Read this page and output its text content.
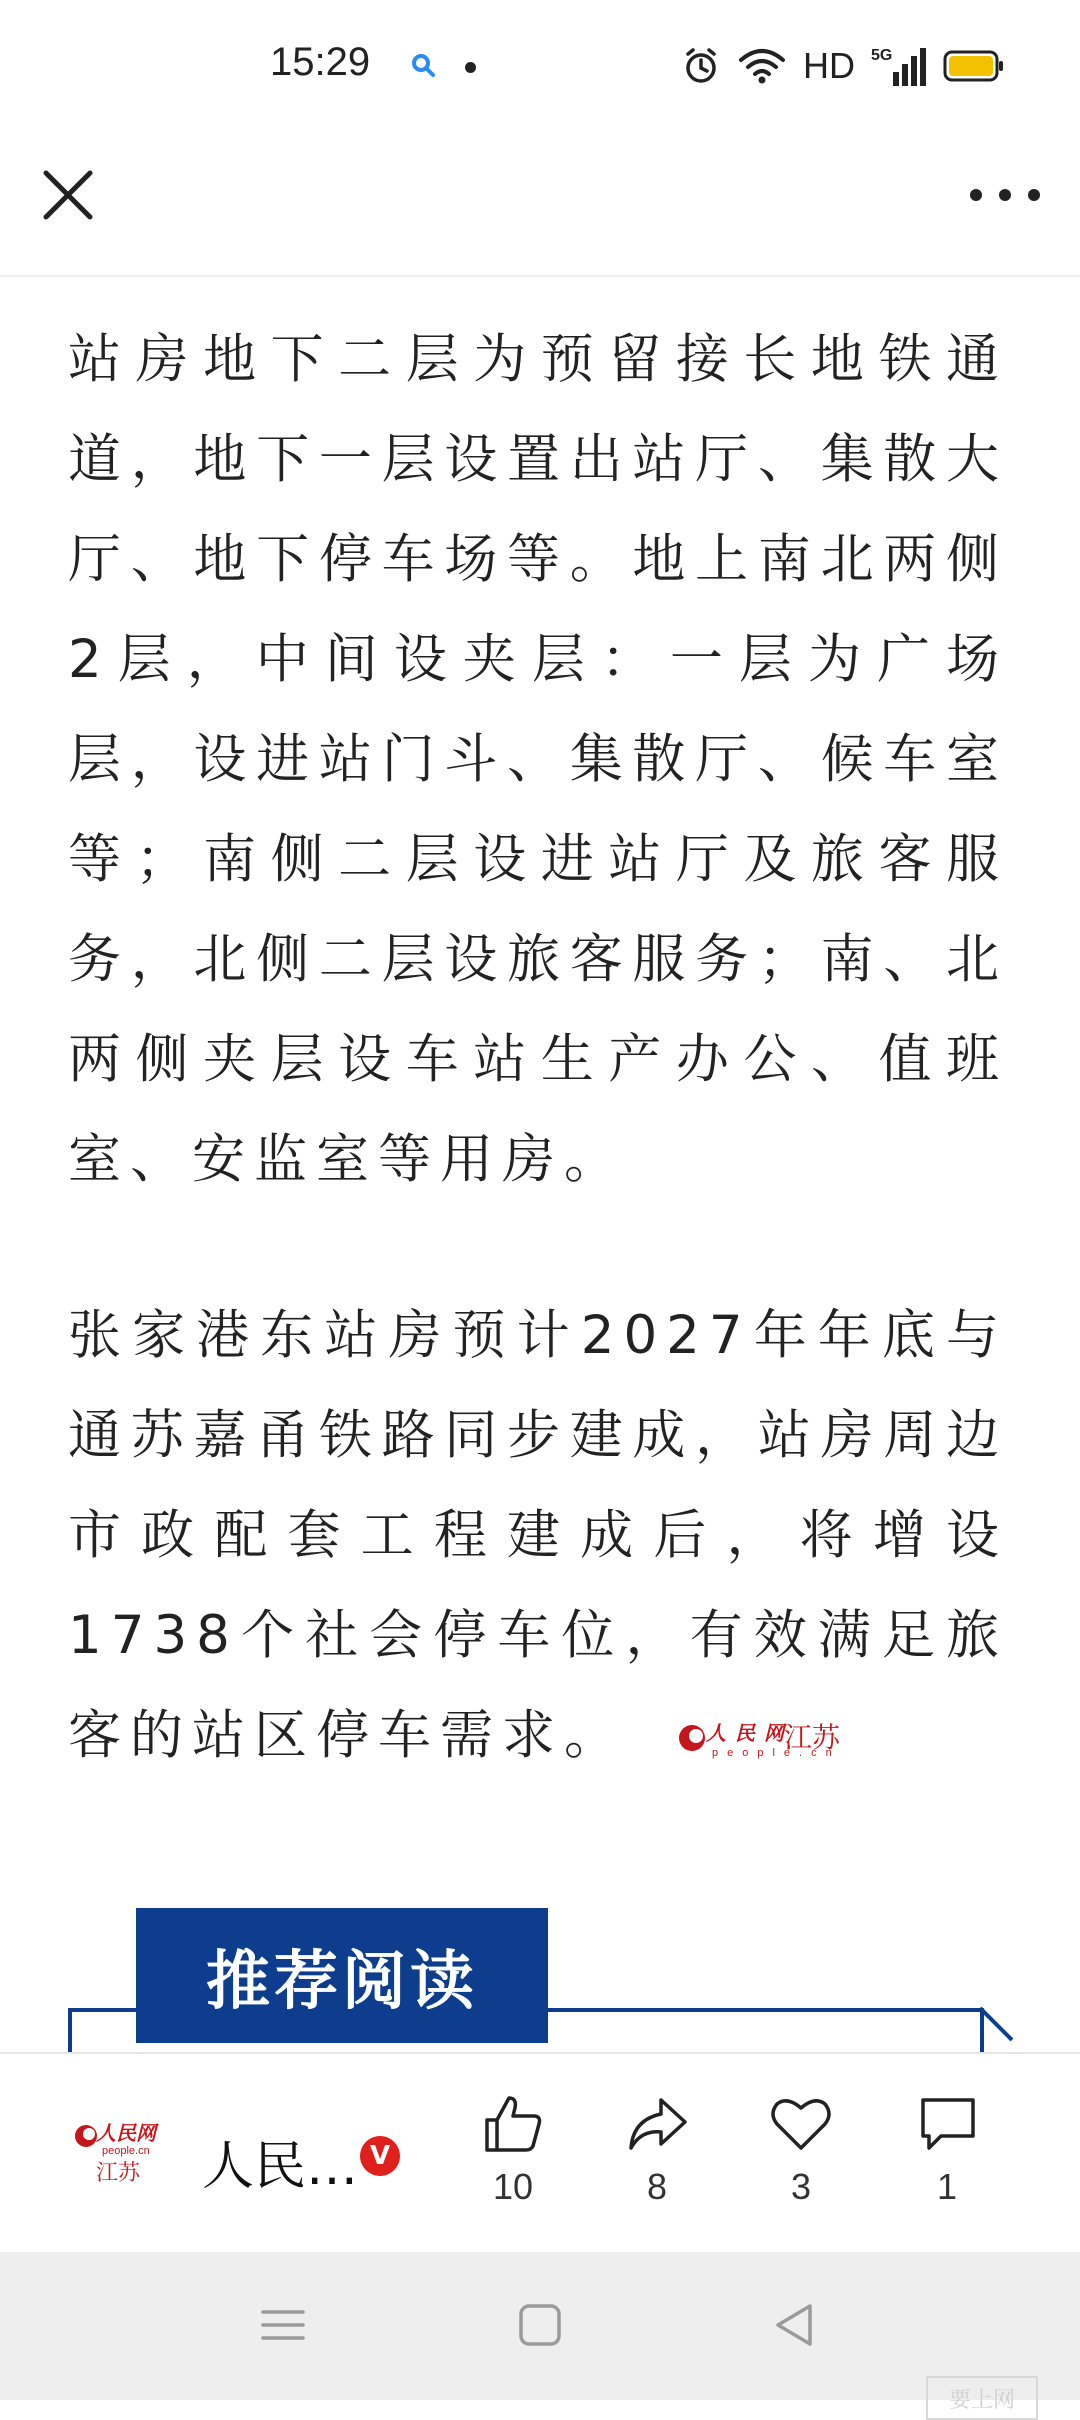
15:29	HD 5G

站房地下二层为预留接长地铁通道，地下一层设置出站厅、集散大厅、地下停车场等。地上南北两侧2层，中间设夹层：一层为广场层，设进站门斗、集散厅、候车室等；南侧二层设进站厅及旅客服务，北侧二层设旅客服务；南、北两侧夹层设车站生产办公、值班室、安监室等用房。

张家港东站房预计2027年年底与通苏嘉甬铁路同步建成，站房周边市政配套工程建成后，将增设1738个社会停车位，有效满足旅客的站区停车需求。	人民网
people.cn
江苏

推荐阅读
人民网
people.cn
江苏 人民… V
10	8	3	1
要上网
